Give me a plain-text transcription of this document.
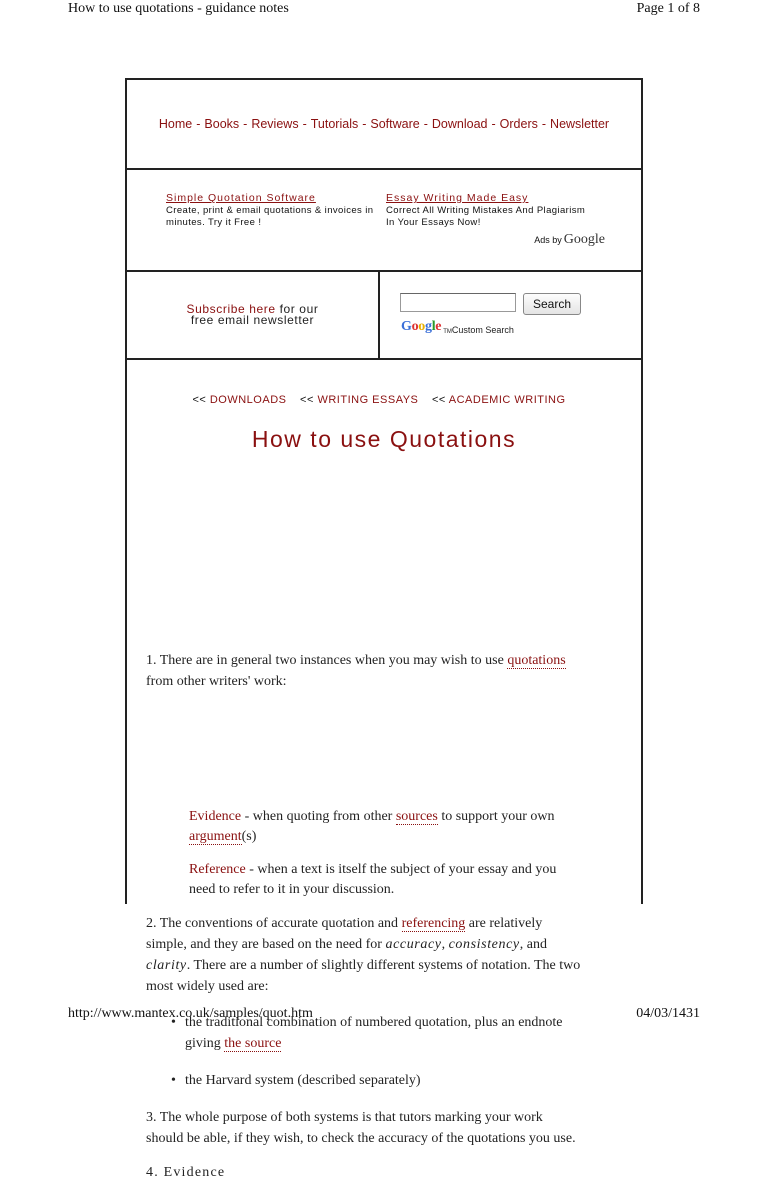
How to use quotations - guidance notes	Page 1 of 8
Home - Books - Reviews - Tutorials - Software - Download - Orders - Newsletter
Simple Quotation Software
Create, print & email quotations & invoices in
minutes. Try it Free !
Essay Writing Made Easy
Correct All Writing Mistakes And Plagiarism
In Your Essays Now!
Ads by Google
Subscribe here for our
free email newsletter
Search
Google $_{TM}$ Custom Search
<< DOWNLOADS << WRITING ESSAYS << ACADEMIC WRITING
How to use Quotations
1. There are in general two instances when you may wish to use quotations
from other writers' work:
Evidence - when quoting from other sources to support your own
argument(s)
Reference - when a text is itself the subject of your essay and you
need to refer to it in your discussion.
2. The conventions of accurate quotation and referencing are relatively
simple, and they are based on the need for accuracy, consistency, and
clarity. There are a number of slightly different systems of notation. The two
most widely used are:
• the traditional combination of numbered quotation, plus an endnote
giving the source
• the Harvard system (described separately)
3. The whole purpose of both systems is that tutors marking your work
should be able, if they wish, to check the accuracy of the quotations you use.
4. Evidence
http://www.mantex.co.uk/samples/quot.htm	04/03/1431
